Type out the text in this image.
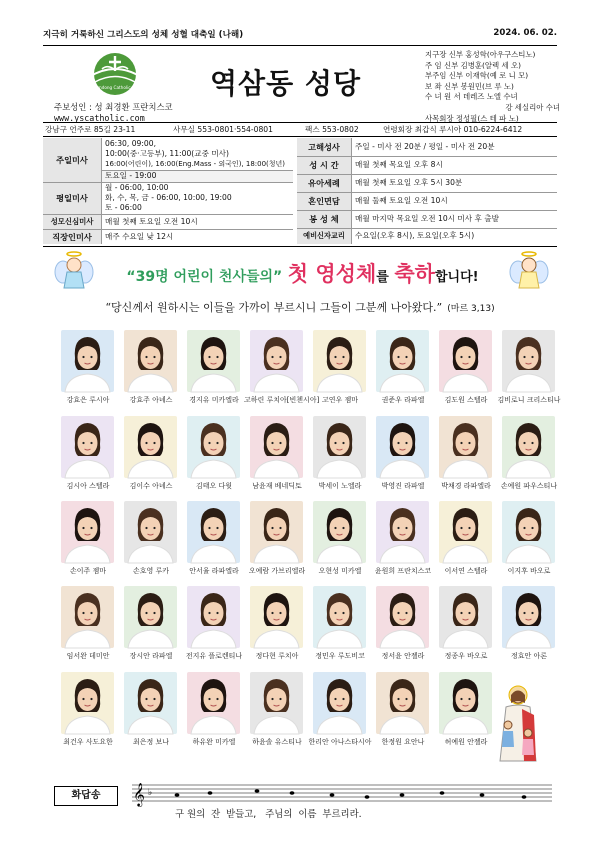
지극히 거룩하신 그리스도의 성체 성혈 대축일 (나해)	2024. 06. 02.
Yeoksamdong Catholic Church 역삼동 성당
주보성인 : 성 최경환 프란치스코
www.yscatholic.com
지구장 신부 홍성학(아우구스티노)
주 임 신부 김병훈(알렉 세 오)
부주임 신부 이재학(예 로 니 모)
보 좌 신부 봉원민(브 루 노)
수 녀 원 서 데레즈 노엘 수녀
강 세실리아 수녀
사목회장 정성필(스 테 파 노)
강남구 언주로 85길 23-11	사무실 553-0801·554-0801	팩스 553-0802	연령회장 최갑식 루시아 010-6224-6412
주일미사	06:30, 09:00,
10:00(중·고등부), 11:00(교중 미사)
16:00(어린이), 16:00(Eng.Mass - 외국인), 18:00(청년)

	토요일 - 19:00
평일미사	월 - 06:00, 10:00
화, 수, 목, 금 - 06:00, 10:00, 19:00
토 - 06:00

성모신심미사	매월 첫째 토요일 오전 10시
직장인미사	매주 수요일 낮 12시
고해성사	주일 - 미사 전 20분 / 평일 - 미사 전 20분
성 시 간	매월 첫째 목요일 오후 8시
유아세례	매월 첫째 토요일 오후 5시 30분
혼인면담	매월 둘째 토요일 오전 10시
봉 성 체	매월 마지막 목요일 오전 10시 미사 후 출발
예비신자교리	수요일(오후 8시), 토요일(오후 5시)
“39명 어린이 천사들의” 첫 영성체를 축하합니다!
“당신께서 원하시는 이들을 가까이 부르시니 그들이 그분께 나아왔다.” (마르 3,13)
강효은 루시아	강효주 아녜스	경지유 미카엘라 고하린 루치아[빈첸시아] 고연우 젬마	권준우 라파엘	김도원 스텔라	김비로니 크리스티나
김시아 스텔라	김이수 아녜스	김태오 다윗	남윤재 베네딕토	박세이 노엘라	박영진 라파엘	박채경 라파엘라	손예원 파우스티나
손이주 젬마	손호영 루카	안서율 라파엘라	오예람 가브리엘라	오현성 미카엘	윤원희 프란치스코	이서연 스텔라	이지후 바오로
임서완 데미안	장시안 라파엘	전지유 플로렌티나	정다현 루치아	정민우 루도비코	정서윤 안젤라	정종우 바오로	정효안 아론
최건우 사도요한	최은정 보나	하유완 미카엘	하윤솔 유스티나 한리안 아나스타시아	한정원 요안나	허예원 안젤라
화답송	𝄞 ♭
구 원의  잔  받들고,   주님의  이름  부르리라.
